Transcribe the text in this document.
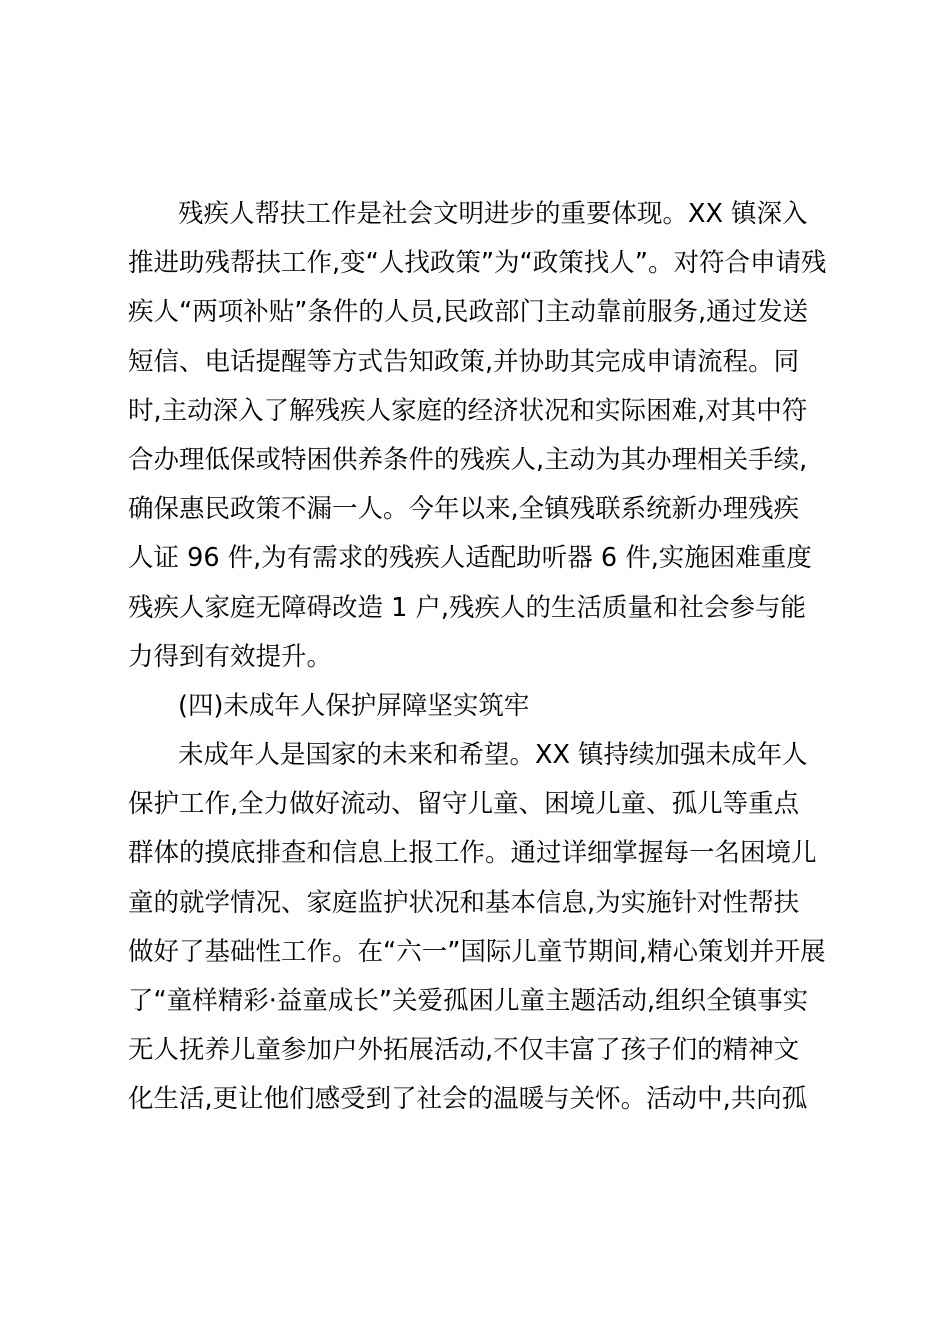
残疾人帮扶工作是社会文明进步的重要体现。XX 镇深入
推进助残帮扶工作,变“人找政策”为“政策找人”。对符合申请残
疾人“两项补贴”条件的人员,民政部门主动靠前服务,通过发送
短信、电话提醒等方式告知政策,并协助其完成申请流程。同
时,主动深入了解残疾人家庭的经济状况和实际困难,对其中符
合办理低保或特困供养条件的残疾人,主动为其办理相关手续,
确保惠民政策不漏一人。今年以来,全镇残联系统新办理残疾
人证 96 件,为有需求的残疾人适配助听器 6 件,实施困难重度
残疾人家庭无障碍改造 1 户,残疾人的生活质量和社会参与能
力得到有效提升。
(四)未成年人保护屏障坚实筑牢
未成年人是国家的未来和希望。XX 镇持续加强未成年人
保护工作,全力做好流动、留守儿童、困境儿童、孤儿等重点
群体的摸底排查和信息上报工作。通过详细掌握每一名困境儿
童的就学情况、家庭监护状况和基本信息,为实施针对性帮扶
做好了基础性工作。在“六一”国际儿童节期间,精心策划并开展
了“童样精彩·益童成长”关爱孤困儿童主题活动,组织全镇事实
无人抚养儿童参加户外拓展活动,不仅丰富了孩子们的精神文
化生活,更让他们感受到了社会的温暖与关怀。活动中,共向孤
